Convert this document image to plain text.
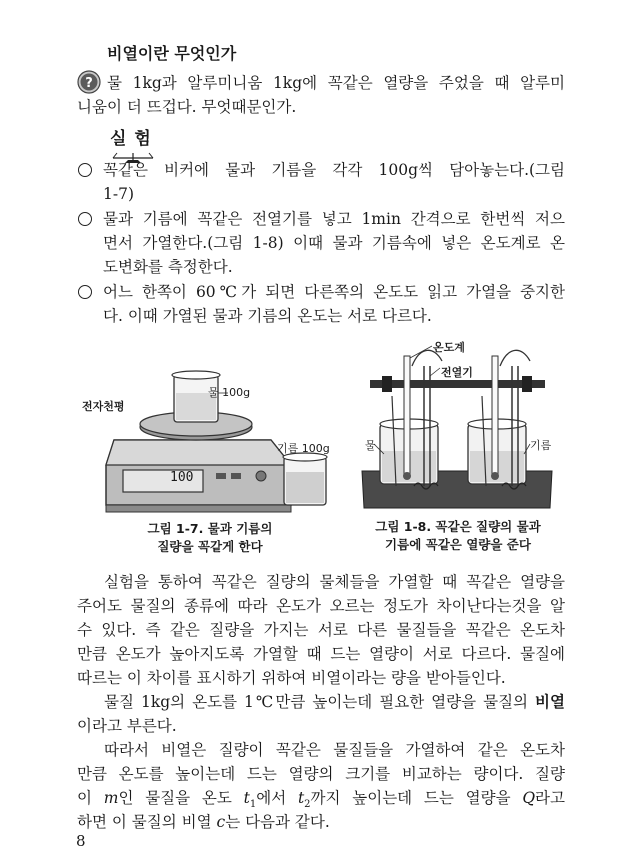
비열이란 무엇인가
? 물 1kg과 알루미니움 1kg에 꼭같은 열량을 주었을 때 알루미
니움이 더 뜨겁다. 무엇때문인가.
실 험
꼭같은 비커에 물과 기름을 각각 100g씩 담아놓는다.(그림
1-7)
물과 기름에 꼭같은 전열기를 넣고 1min 간격으로 한번씩 저으
면서 가열한다.(그림 1-8) 이때 물과 기름속에 넣은 온도계로 온
도변화를 측정한다.
어느 한쪽이 60℃가 되면 다른쪽의 온도도 읽고 가열을 중지한
다. 이때 가열된 물과 기름의 온도는 서로 다르다.
전자천평
물 100g
기름 100g
100
그림 1-7. 물과 기름의
질량을 꼭같게 한다
온도계
전열기
물	기름
그림 1-8. 꼭같은 질량의 물과
기름에 꼭같은 열량을 준다
실험을 통하여 꼭같은 질량의 물체들을 가열할 때 꼭같은 열량을
주어도 물질의 종류에 따라 온도가 오르는 정도가 차이난다는것을 알
수 있다. 즉 같은 질량을 가지는 서로 다른 물질들을 꼭같은 온도차
만큼 온도가 높아지도록 가열할 때 드는 열량이 서로 다르다. 물질에
따르는 이 차이를 표시하기 위하여 비열이라는 량을 받아들인다.
물질 1kg의 온도를 1℃만큼 높이는데 필요한 열량을 물질의 비열
이라고 부른다.
따라서 비열은 질량이 꼭같은 물질들을 가열하여 같은 온도차
만큼 온도를 높이는데 드는 열량의 크기를 비교하는 량이다. 질량
이 m인 물질을 온도 $t_1$에서 $t_2$까지 높이는데 드는 열량을 Q라고
하면 이 물질의 비열 c는 다음과 같다.
8
